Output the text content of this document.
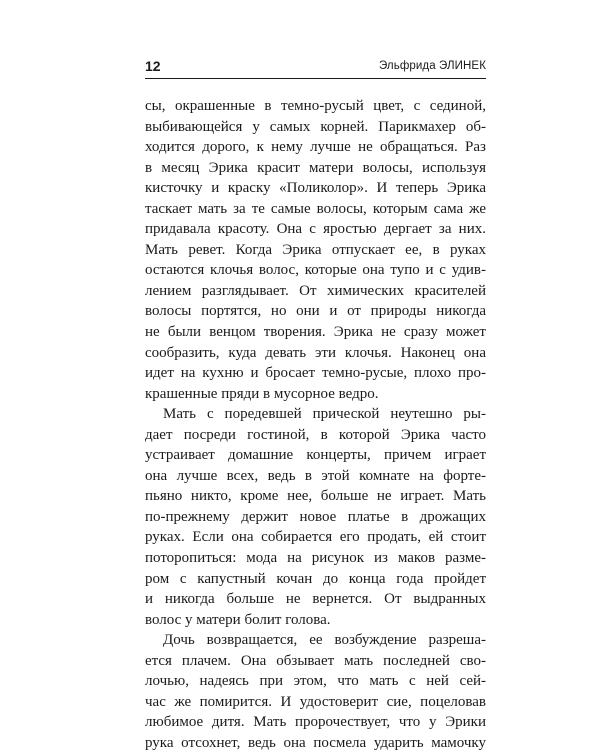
12	Эльфрида ЭЛИНЕК
сы, окрашенные в темно-русый цвет, с сединой,
выбивающейся у самых корней. Парикмахер об-
ходится дорого, к нему лучше не обращаться. Раз
в месяц Эрика красит матери волосы, используя
кисточку и краску «Поликолор». И теперь Эрика
таскает мать за те самые волосы, которым сама же
придавала красоту. Она с яростью дергает за них.
Мать ревет. Когда Эрика отпускает ее, в руках
остаются клочья волос, которые она тупо и с удив-
лением разглядывает. От химических красителей
волосы портятся, но они и от природы никогда
не были венцом творения. Эрика не сразу может
сообразить, куда девать эти клочья. Наконец она
идет на кухню и бросает темно-русые, плохо про-
крашенные пряди в мусорное ведро.
Мать с поредевшей прической неутешно ры-
дает посреди гостиной, в которой Эрика часто
устраивает домашние концерты, причем играет
она лучше всех, ведь в этой комнате на форте-
пьяно никто, кроме нее, больше не играет. Мать
по-прежнему держит новое платье в дрожащих
руках. Если она собирается его продать, ей стоит
поторопиться: мода на рисунок из маков разме-
ром с капустный кочан до конца года пройдет
и никогда больше не вернется. От выдранных
волос у матери болит голова.
Дочь возвращается, ее возбуждение разреша-
ется плачем. Она обзывает мать последней сво-
лочью, надеясь при этом, что мать с ней сей-
час же помирится. И удостоверит сие, поцеловав
любимое дитя. Мать пророчествует, что у Эрики
рука отсохнет, ведь она посмела ударить мамочку
